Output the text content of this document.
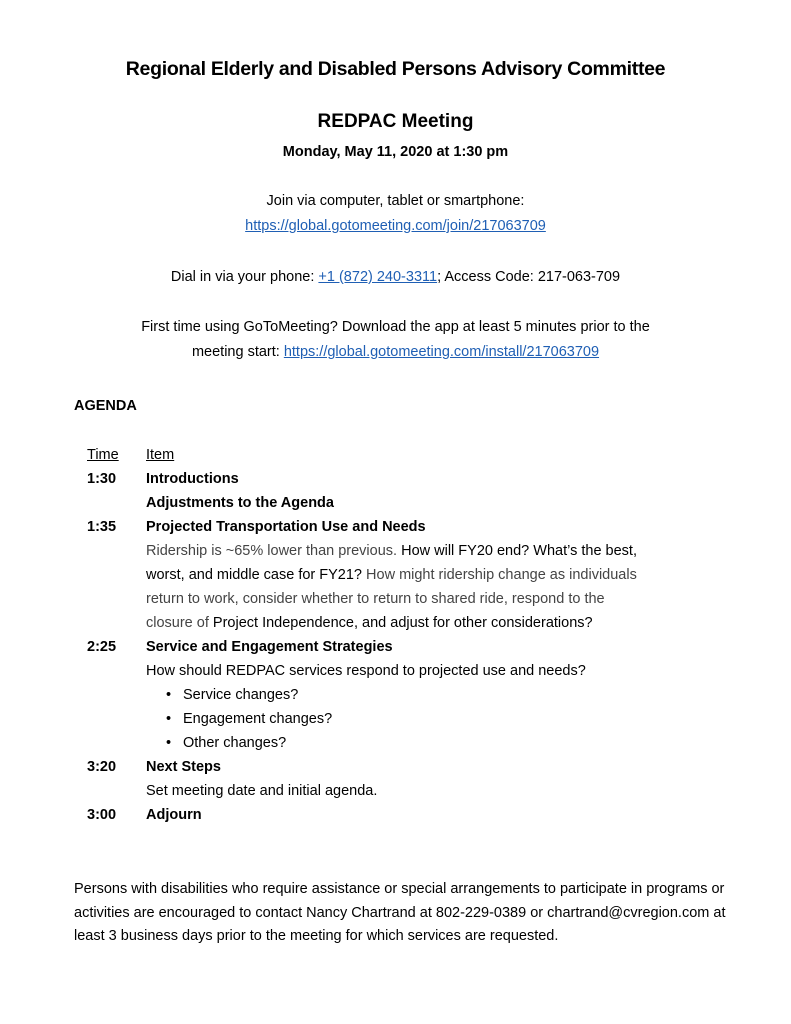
Regional Elderly and Disabled Persons Advisory Committee
REDPAC Meeting
Monday, May 11, 2020 at 1:30 pm
Join via computer, tablet or smartphone:
https://global.gotomeeting.com/join/217063709
Dial in via your phone: +1 (872) 240-3311; Access Code: 217-063-709
First time using GoToMeeting? Download the app at least 5 minutes prior to the
meeting start: https://global.gotomeeting.com/install/217063709
AGENDA
Time Item
1:30	Introductions
Adjustments to the Agenda
1:35	Projected Transportation Use and Needs
Ridership is ~65% lower than previous. How will FY20 end? What’s the best,
worst, and middle case for FY21? How might ridership change as individuals
return to work, consider whether to return to shared ride, respond to the
closure of Project Independence, and adjust for other considerations?
2:25	Service and Engagement Strategies
How should REDPAC services respond to projected use and needs?
• Service changes?
• Engagement changes?
• Other changes?
3:20	Next Steps
Set meeting date and initial agenda.
3:00	Adjourn
Persons with disabilities who require assistance or special arrangements to participate in programs or activities are encouraged to contact Nancy Chartrand at 802-229-0389 or chartrand@cvregion.com at least 3 business days prior to the meeting for which services are requested.
